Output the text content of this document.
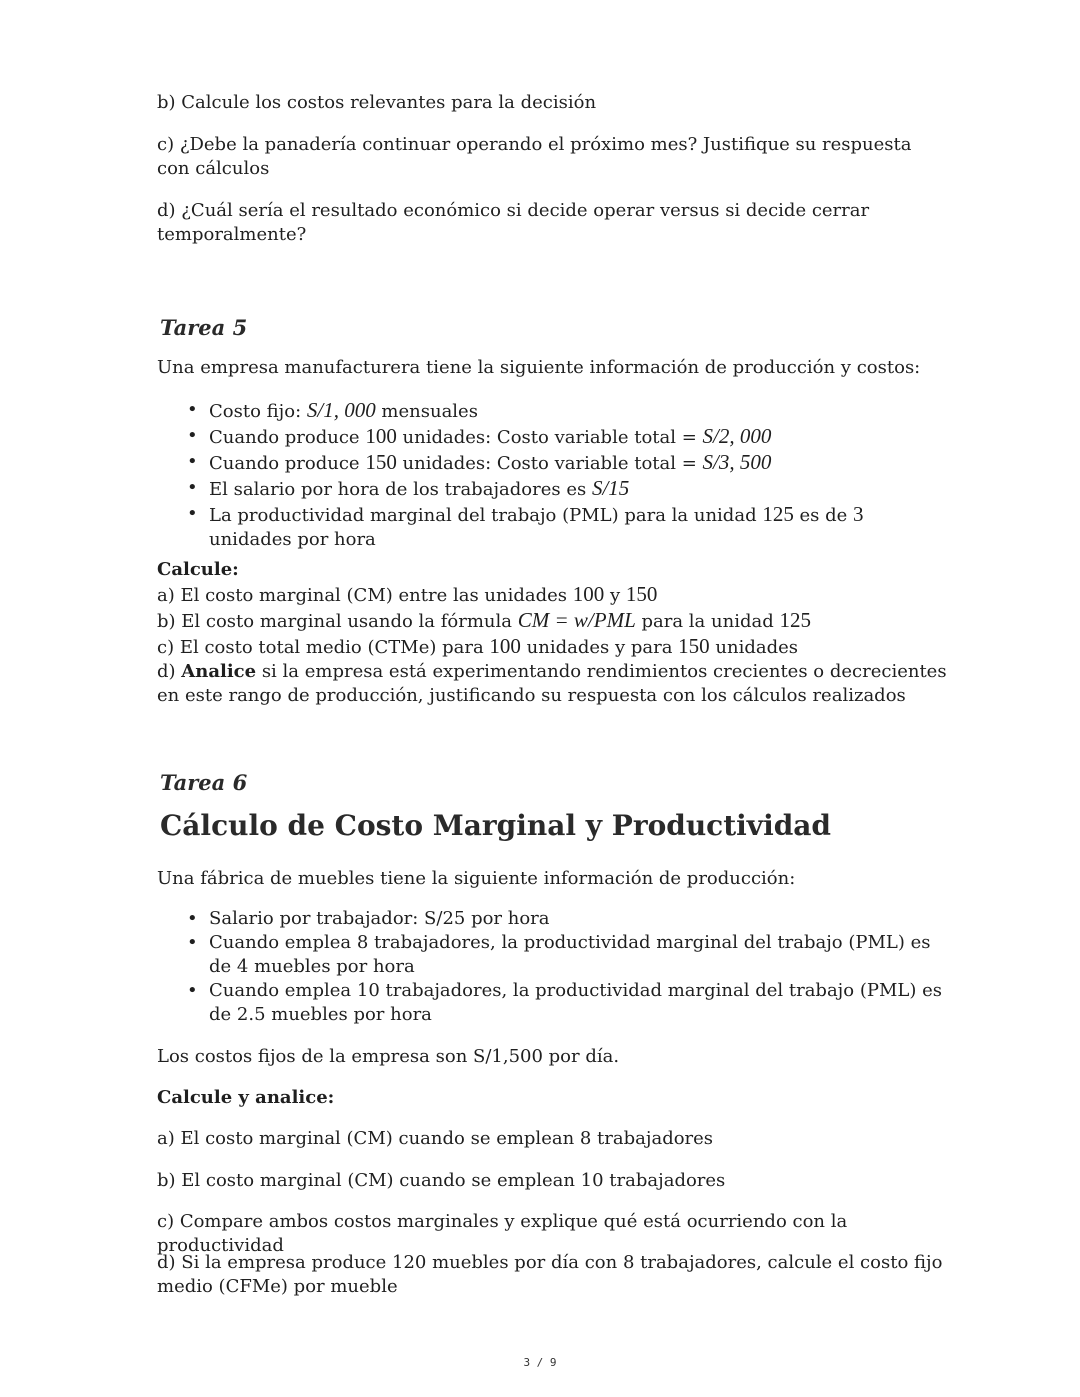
b) Calcule los costos relevantes para la decisión

c) ¿Debe la panadería continuar operando el próximo mes? Justifique su respuesta con cálculos

d) ¿Cuál sería el resultado económico si decide operar versus si decide cerrar temporalmente?

Tarea 5

Una empresa manufacturera tiene la siguiente información de producción y costos:

• Costo fijo: S/1, 000 mensuales
• Cuando produce 100 unidades: Costo variable total = S/2, 000
• Cuando produce 150 unidades: Costo variable total = S/3, 500
• El salario por hora de los trabajadores es S/15
• La productividad marginal del trabajo (PML) para la unidad 125 es de 3 unidades por hora

Calcule:

a) El costo marginal (CM) entre las unidades 100 y 150

b) El costo marginal usando la fórmula CM = w/PML para la unidad 125

c) El costo total medio (CTMe) para 100 unidades y para 150 unidades

d) Analice si la empresa está experimentando rendimientos crecientes o decrecientes en este rango de producción, justificando su respuesta con los cálculos realizados

Tarea 6
Cálculo de Costo Marginal y Productividad

Una fábrica de muebles tiene la siguiente información de producción:

• Salario por trabajador: S/25 por hora
• Cuando emplea 8 trabajadores, la productividad marginal del trabajo (PML) es de 4 muebles por hora
• Cuando emplea 10 trabajadores, la productividad marginal del trabajo (PML) es de 2.5 muebles por hora

Los costos fijos de la empresa son S/1,500 por día.

Calcule y analice:

a) El costo marginal (CM) cuando se emplean 8 trabajadores

b) El costo marginal (CM) cuando se emplean 10 trabajadores

c) Compare ambos costos marginales y explique qué está ocurriendo con la productividad

d) Si la empresa produce 120 muebles por día con 8 trabajadores, calcule el costo fijo medio (CFMe) por mueble

3 / 9
